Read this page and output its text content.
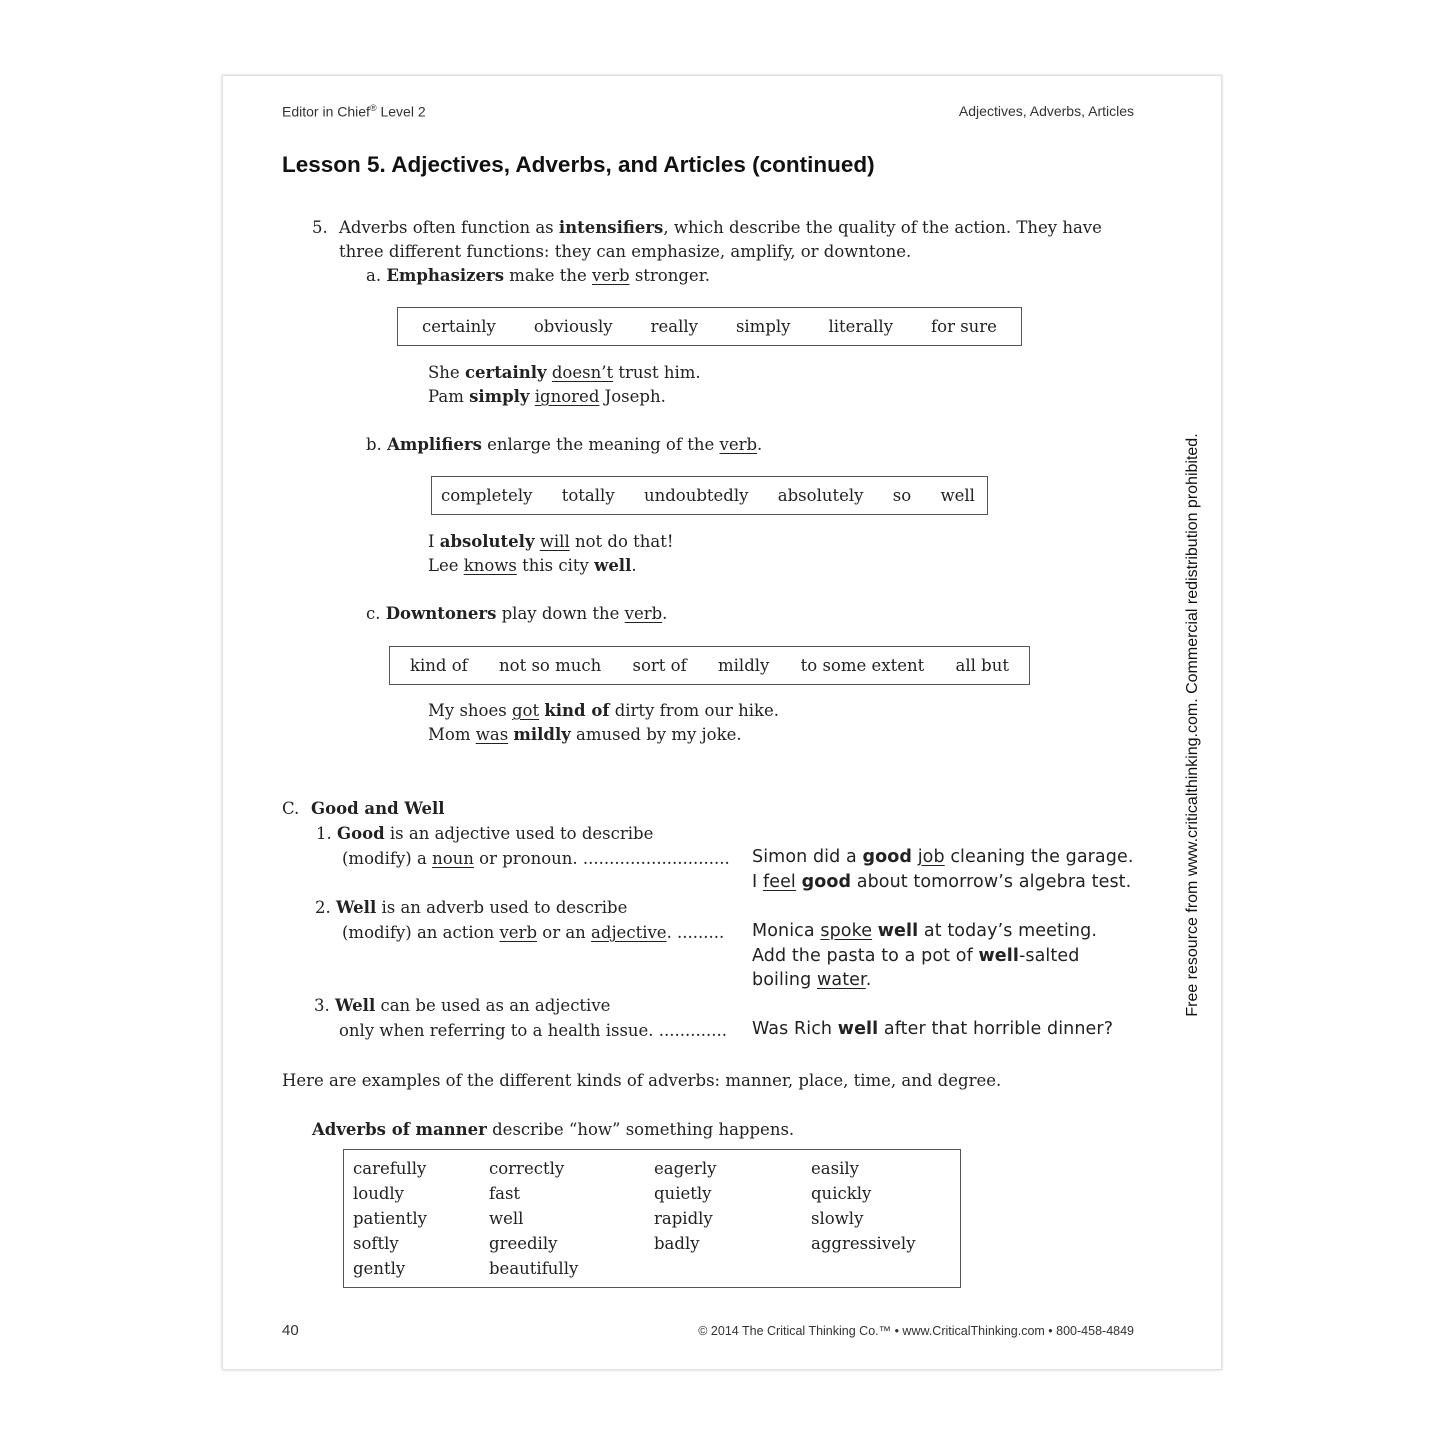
Editor in Chief® Level 2	Adjectives, Adverbs, Articles
Lesson 5. Adjectives, Adverbs, and Articles (continued)
5. Adverbs often function as intensifiers, which describe the quality of the action. They have
three different functions: they can emphasize, amplify, or downtone.
a. Emphasizers make the verb stronger.
certainly obviously really simply literally for sure
She certainly doesn’t trust him.
Pam simply ignored Joseph.
b. Amplifiers enlarge the meaning of the verb.
completely totally undoubtedly absolutely so well
I absolutely will not do that!
Lee knows this city well.
c. Downtoners play down the verb.
kind of not so much sort of mildly to some extent all but
My shoes got kind of dirty from our hike.
Mom was mildly amused by my joke.
C. Good and Well
1. Good is an adjective used to describe
(modify) a noun or pronoun. ............................ Simon did a good job cleaning the garage.
I feel good about tomorrow’s algebra test.
2. Well is an adverb used to describe
(modify) an action verb or an adjective. ......... Monica spoke well at today’s meeting.
Add the pasta to a pot of well-salted
boiling water.
3. Well can be used as an adjective
only when referring to a health issue. ............. Was Rich well after that horrible dinner?
Here are examples of the different kinds of adverbs: manner, place, time, and degree.
Adverbs of manner describe “how” something happens.
carefully
loudly
patiently
softly
gently
correctly
fast
well
greedily
beautifully
eagerly
quietly
rapidly
badly
easily
quickly
slowly
aggressively
40	© 2014 The Critical Thinking Co.™ • www.CriticalThinking.com • 800-458-4849
Free resource from www.criticalthinking.com. Commercial redistribution prohibited.
